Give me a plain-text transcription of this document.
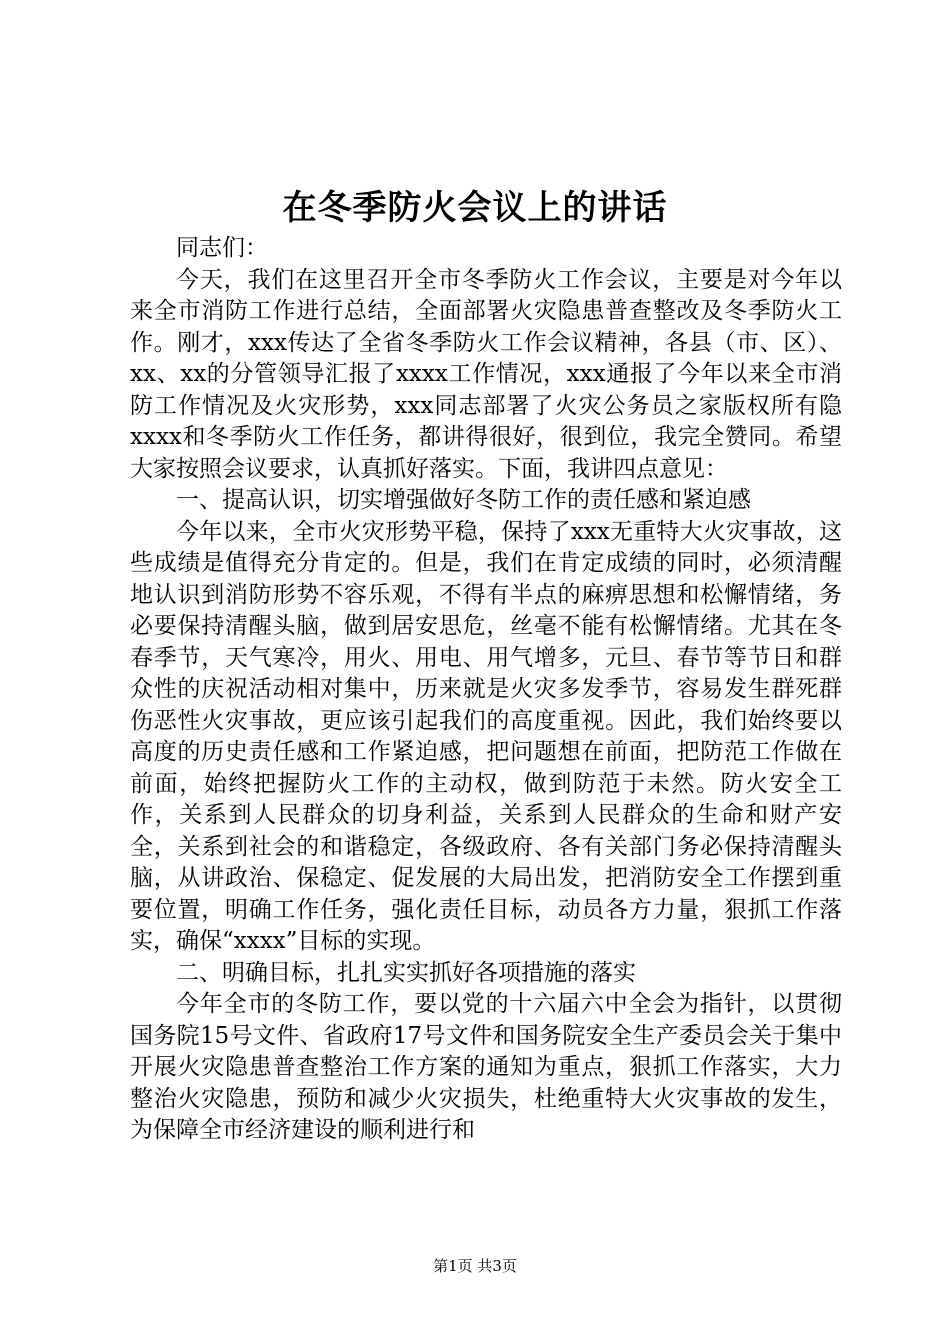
在冬季防火会议上的讲话

同志们：

今天，我们在这里召开全市冬季防火工作会议，主要是对今年以来全市消防工作进行总结，全面部署火灾隐患普查整改及冬季防火工作。刚才，xxx传达了全省冬季防火工作会议精神，各县（市、区）、xx、xx的分管领导汇报了xxxx工作情况，xxx通报了今年以来全市消防工作情况及火灾形势，xxx同志部署了火灾公务员之家版权所有隐xxxx和冬季防火工作任务，都讲得很好，很到位，我完全赞同。希望大家按照会议要求，认真抓好落实。下面，我讲四点意见：

一、提高认识，切实增强做好冬防工作的责任感和紧迫感

今年以来，全市火灾形势平稳，保持了xxx无重特大火灾事故，这些成绩是值得充分肯定的。但是，我们在肯定成绩的同时，必须清醒地认识到消防形势不容乐观，不得有半点的麻痹思想和松懈情绪，务必要保持清醒头脑，做到居安思危，丝毫不能有松懈情绪。尤其在冬春季节，天气寒冷，用火、用电、用气增多，元旦、春节等节日和群众性的庆祝活动相对集中，历来就是火灾多发季节，容易发生群死群伤恶性火灾事故，更应该引起我们的高度重视。因此，我们始终要以高度的历史责任感和工作紧迫感，把问题想在前面，把防范工作做在前面，始终把握防火工作的主动权，做到防范于未然。防火安全工作，关系到人民群众的切身利益，关系到人民群众的生命和财产安全，关系到社会的和谐稳定，各级政府、各有关部门务必保持清醒头脑，从讲政治、保稳定、促发展的大局出发，把消防安全工作摆到重要位置，明确工作任务，强化责任目标，动员各方力量，狠抓工作落实，确保“xxxx”目标的实现。

二、明确目标，扎扎实实抓好各项措施的落实

今年全市的冬防工作，要以党的十六届六中全会为指针，以贯彻国务院15号文件、省政府17号文件和国务院安全生产委员会关于集中开展火灾隐患普查整治工作方案的通知为重点，狠抓工作落实，大力整治火灾隐患，预防和减少火灾损失，杜绝重特大火灾事故的发生，为保障全市经济建设的顺利进行和

第1页 共3页
